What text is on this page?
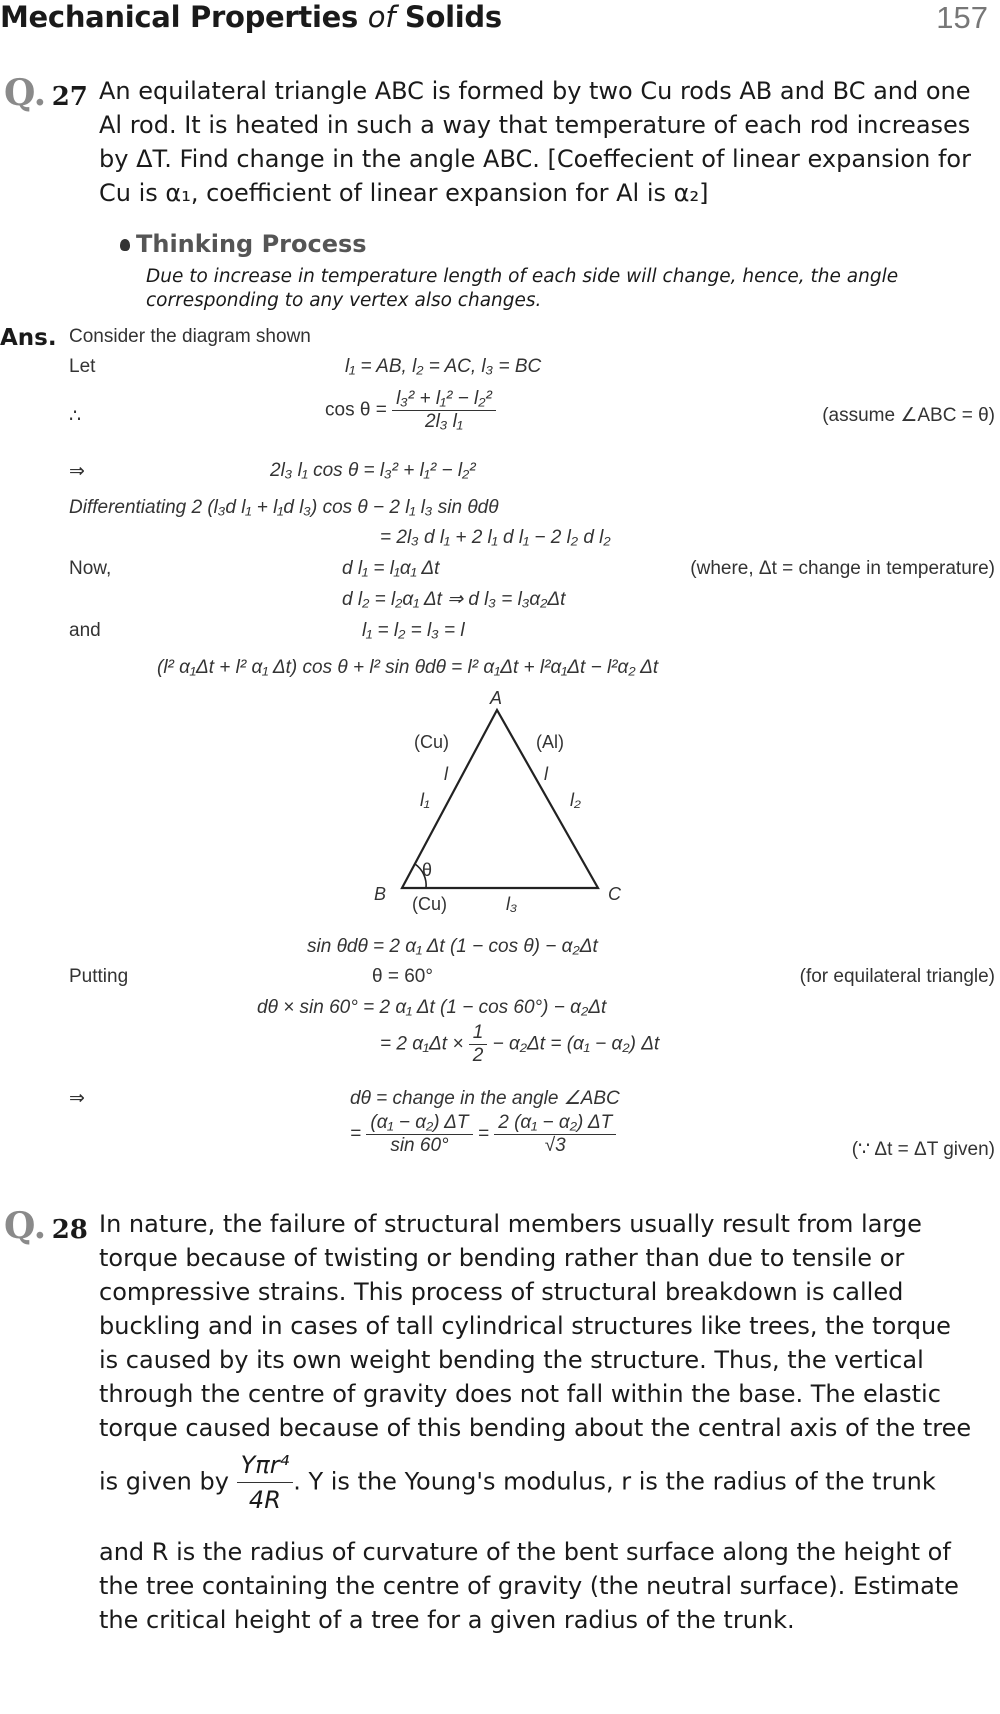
Mechanical Properties of Solids	157
Q. 27 An equilateral triangle ABC is formed by two Cu rods AB and BC and one
Al rod. It is heated in such a way that temperature of each rod increases
by ΔT. Find change in the angle ABC. [Coeffecient of linear expansion for
Cu is α₁, coefficient of linear expansion for Al is α₂]
Thinking Process
Due to increase in temperature length of each side will change, hence, the angle
corresponding to any vertex also changes.
Ans. Consider the diagram shown
Let	l₁ = AB, l₂ = AC, l₃ = BC
∴	$\cos \theta = \frac{\text{l₃² + l₁² − l₂²}}{\text{2l₃ l₁}}$	(assume ∠ABC = θ)
⇒	2l₃ l₁ cos θ = l₃² + l₁² − l₂²
Differentiating 2 (l₃d l₁ + l₁d l₃) cos θ − 2 l₁ l₃ sin θdθ
= 2l₃ d l₁ + 2 l₁ d l₁ − 2 l₂ d l₂
Now,	d l₁ = l₁α₁ Δt	(where, Δt = change in temperature)
d l₂ = l₂α₁ Δt ⇒ d l₃ = l₃α₂Δt
and	l₁ = l₂ = l₃ = l
(l² α₁Δt + l² α₁ Δt) cos θ + l² sin θdθ = l² α₁Δt + l²α₁Δt − l²α₂ Δt
A
B	C
(Cu)	(Al)
l	l
l₁	l₂
θ
(Cu)	l₃
sin θdθ = 2 α₁ Δt (1 − cos θ) − α₂Δt
Putting	θ = 60°	(for equilateral triangle)
dθ × sin 60° = 2 α₁ Δt (1 − cos 60°) − α₂Δt
= 2 $\alpha_1\Delta t \times \frac{1}{2} - \alpha_2\Delta t = (\alpha_1 - \alpha_2)$ Δt
⇒	dθ = change in the angle ∠ABC
= $\frac{\text{(α₁ − α₂) ΔT}}{\sin 60^\circ} = \frac{\text{2 (α₁ − α₂) ΔT}}{√3}$	(∵ Δt = ΔT given)
Q. 28 In nature, the failure of structural members usually result from large
torque because of twisting or bending rather than due to tensile or
compressive strains. This process of structural breakdown is called
buckling and in cases of tall cylindrical structures like trees, the torque
is caused by its own weight bending the structure. Thus, the vertical
through the centre of gravity does not fall within the base. The elastic
torque caused because of this bending about the central axis of the tree
is given by $\frac{\text{Yπr⁴}}{4R}$ . Y is the Young's modulus, r is the radius of the trunk
and R is the radius of curvature of the bent surface along the height of
the tree containing the centre of gravity (the neutral surface). Estimate
the critical height of a tree for a given radius of the trunk.
